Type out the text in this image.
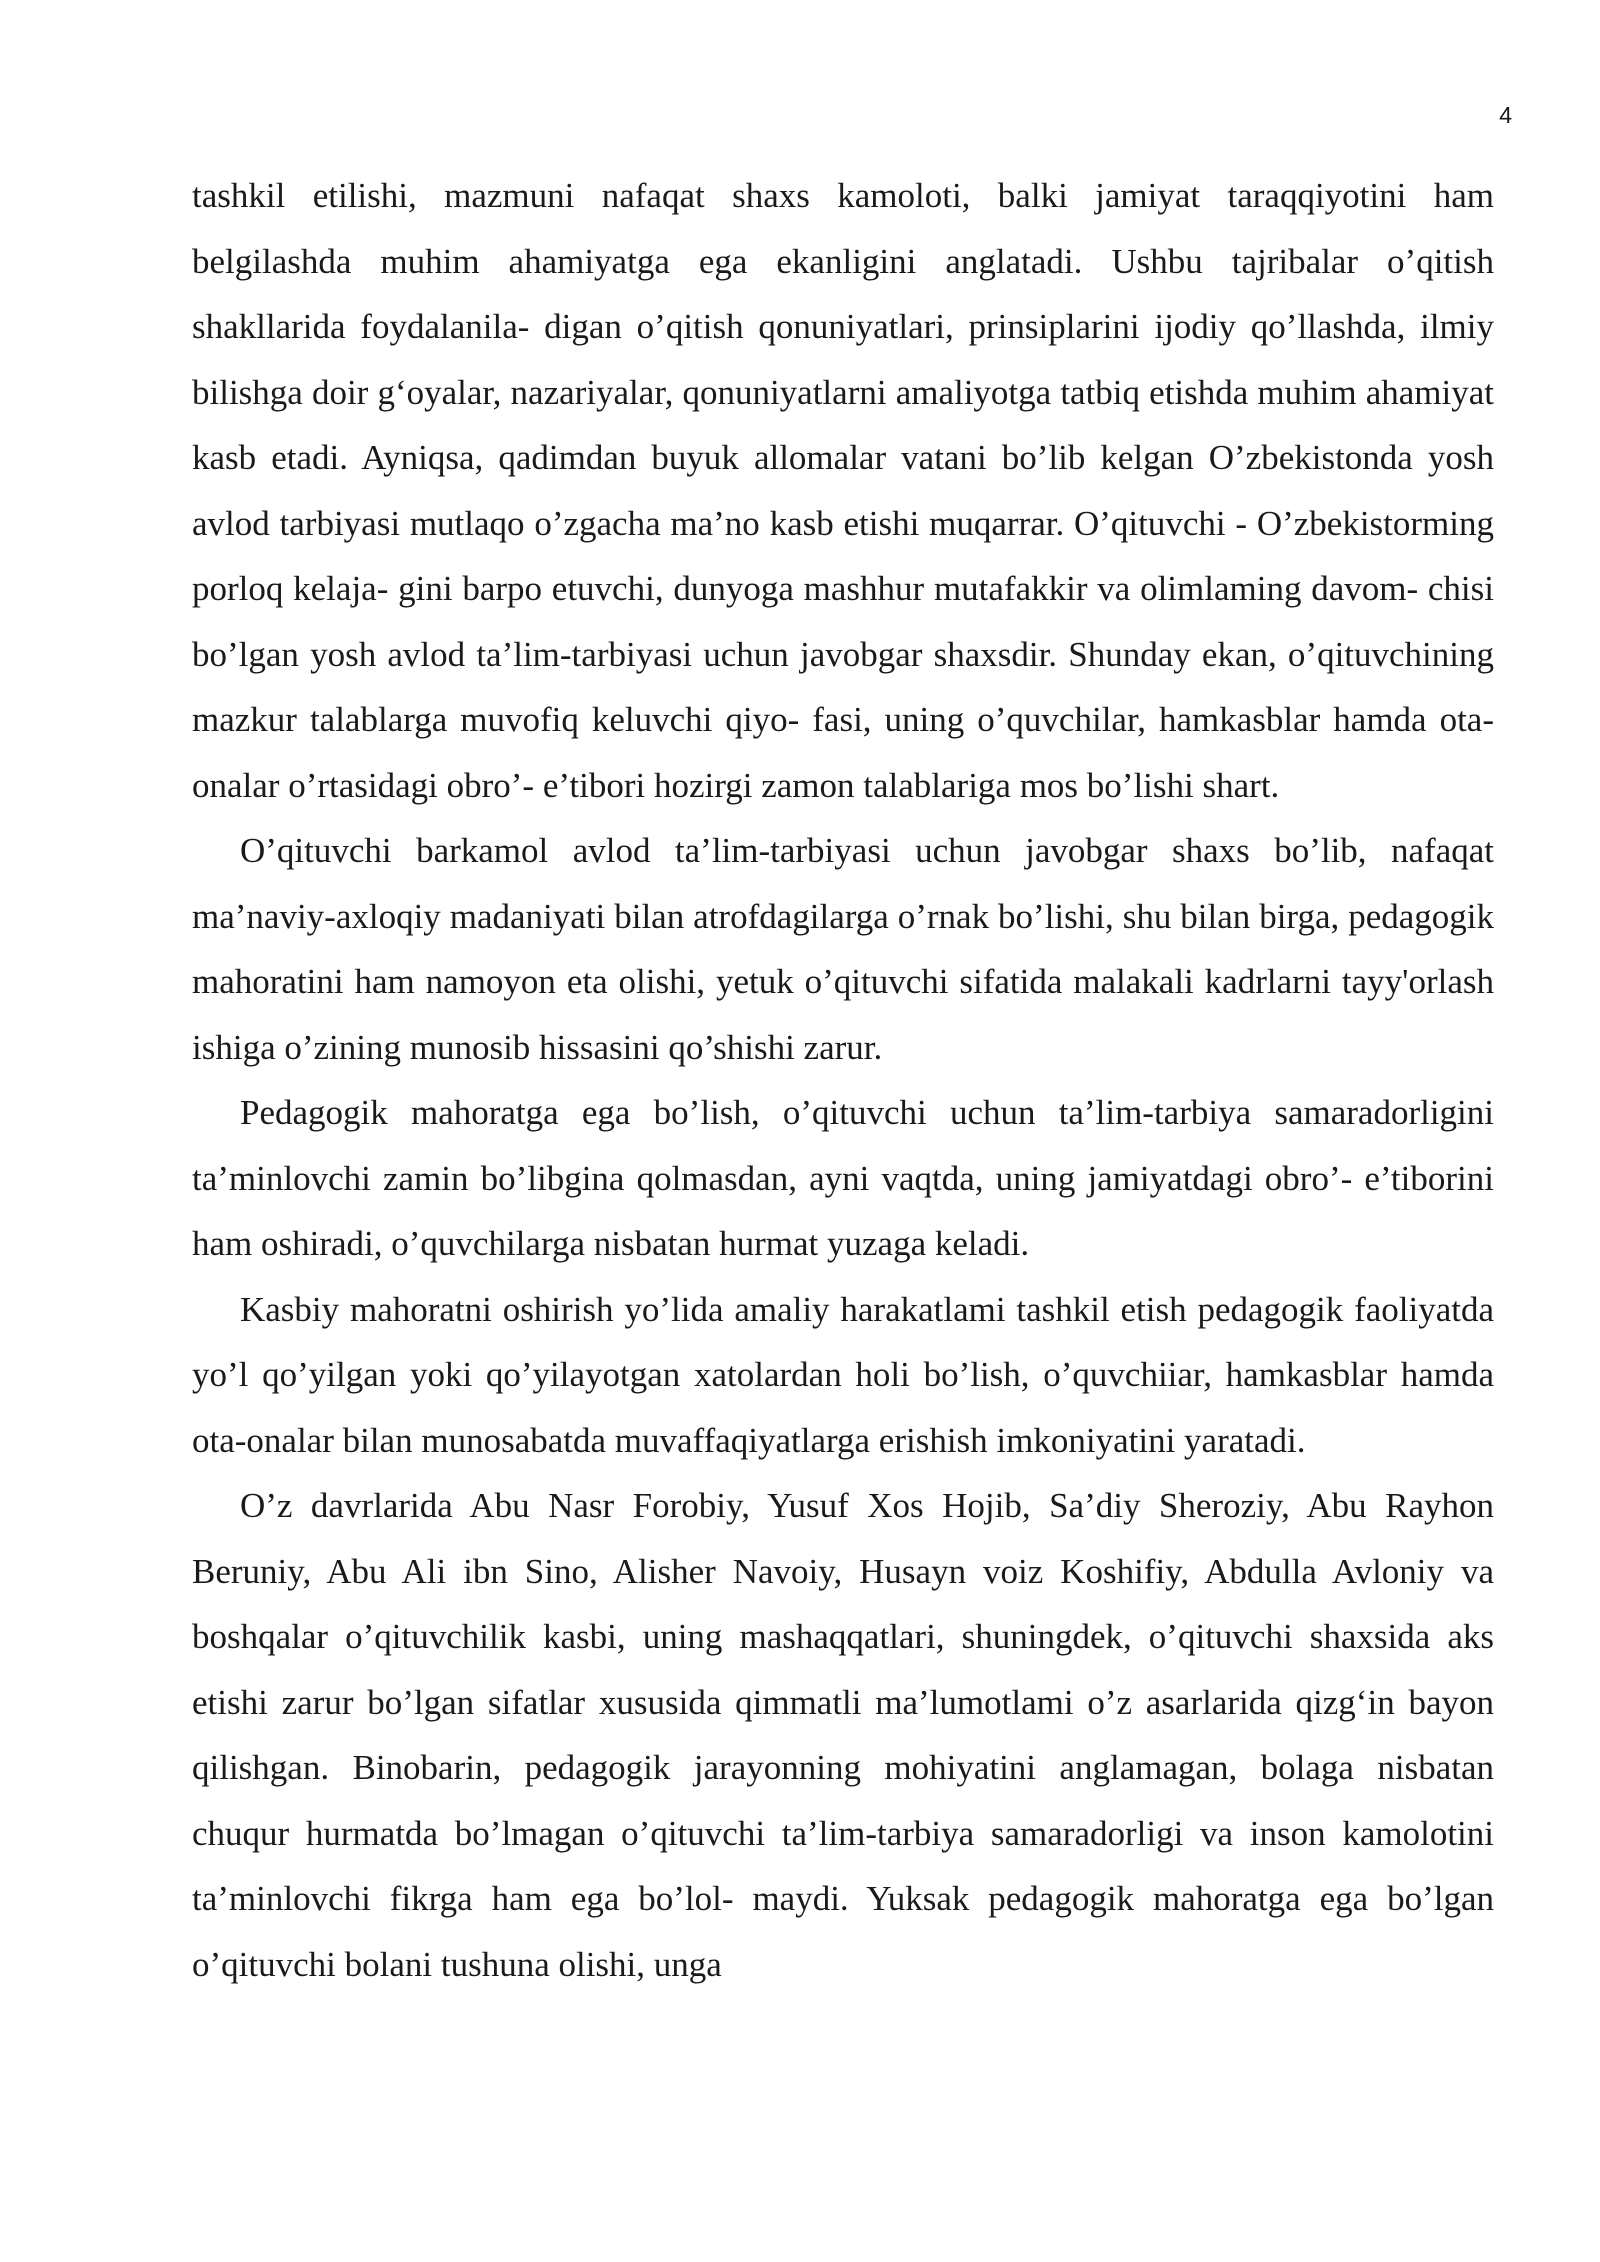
4

tashkil etilishi, mazmuni nafaqat shaxs kamoloti, balki jamiyat taraqqiyotini ham belgilashda muhim ahamiyatga ega ekanligini anglatadi. Ushbu tajribalar o’qitish shakllarida foydalanila- digan o’qitish qonuniyatlari, prinsiplarini ijodiy qo’llashda, ilmiy bilishga doir g‘oyalar, nazariyalar, qonuniyatlarni amaliyotga tatbiq etishda muhim ahamiyat kasb etadi. Ayniqsa, qadimdan buyuk allomalar vatani bo’lib kelgan O’zbekistonda yosh avlod tarbiyasi mutlaqo o’zgacha ma’no kasb etishi muqarrar. O’qituvchi - O’zbekistorming porloq kelaja- gini barpo etuvchi, dunyoga mashhur mutafakkir va olimlaming davom- chisi bo’lgan yosh avlod ta’lim-tarbiyasi uchun javobgar shaxsdir. Shunday ekan, o’qituvchining mazkur talablarga muvofiq keluvchi qiyo- fasi, uning o’quvchilar, hamkasblar hamda ota-onalar o’rtasidagi obro’- e’tibori hozirgi zamon talablariga mos bo’lishi shart.

O’qituvchi barkamol avlod ta’lim-tarbiyasi uchun javobgar shaxs bo’lib, nafaqat ma’naviy-axloqiy madaniyati bilan atrofdagilarga o’rnak bo’lishi, shu bilan birga, pedagogik mahoratini ham namoyon eta olishi, yetuk o’qituvchi sifatida malakali kadrlarni tayy'orlash ishiga o’zining munosib hissasini qo’shishi zarur.

Pedagogik mahoratga ega bo’lish, o’qituvchi uchun ta’lim-tarbiya samaradorligini ta’minlovchi zamin bo’libgina qolmasdan, ayni vaqtda, uning jamiyatdagi obro’- e’tiborini ham oshiradi, o’quvchilarga nisbatan hurmat yuzaga keladi.

Kasbiy mahoratni oshirish yo’lida amaliy harakatlami tashkil etish pedagogik faoliyatda yo’l qo’yilgan yoki qo’yilayotgan xatolardan holi bo’lish, o’quvchiiar, hamkasblar hamda ota-onalar bilan munosabatda muvaffaqiyatlarga erishish imkoniyatini yaratadi.

O’z davrlarida Abu Nasr Forobiy, Yusuf Xos Hojib, Sa’diy Sheroziy, Abu Rayhon Beruniy, Abu Ali ibn Sino, Alisher Navoiy, Husayn voiz Koshifiy, Abdulla Avloniy va boshqalar o’qituvchilik kasbi, uning mashaqqatlari, shuningdek, o’qituvchi shaxsida aks etishi zarur bo’lgan sifatlar xususida qimmatli ma’lumotlami o’z asarlarida qizg‘in bayon qilishgan. Binobarin, pedagogik jarayonning mohiyatini anglamagan, bolaga nisbatan chuqur hurmatda bo’lmagan o’qituvchi ta’lim-tarbiya samaradorligi va inson kamolotini ta’minlovchi fikrga ham ega bo’lol- maydi. Yuksak pedagogik mahoratga ega bo’lgan o’qituvchi bolani tushuna olishi, unga
